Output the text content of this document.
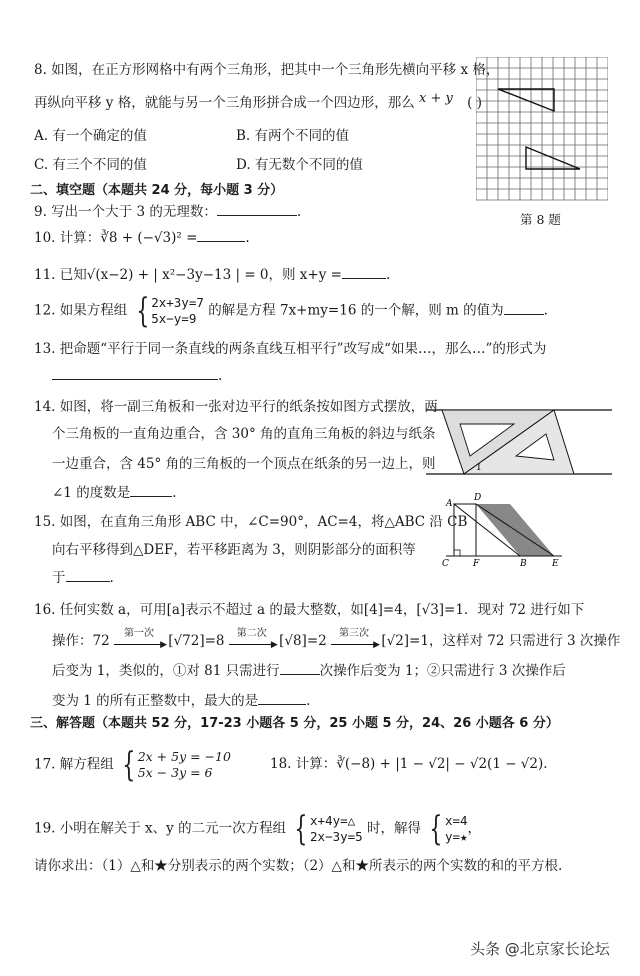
8. 如图，在正方形网格中有两个三角形，把其中一个三角形先横向平移 x 格，
再纵向平移 y 格，就能与另一个三角形拼合成一个四边形，那么 x + y ( )
A. 有一个确定的值	B. 有两个不同的值
C. 有三个不同的值	D. 有无数个不同的值
第 8 题
二、填空题（本题共 24 分，每小题 3 分）
9. 写出一个大于 3 的无理数：	.
10. 计算：∛8 + (−√3)² =	.
11. 已知√(x−2) + | x²−3y−13 | = 0，则 x+y =	.
12. 如果方程组 { 2x+3y=7
5x−y=9 的解是方程 7x+my=16 的一个解，则 m 的值为	.
13. 把命题“平行于同一条直线的两条直线互相平行”改写成“如果…，那么…”的形式为
.
14. 如图，将一副三角板和一张对边平行的纸条按如图方式摆放，两
个三角板的一直角边重合，含 30° 角的直角三角板的斜边与纸条
一边重合，含 45° 角的三角板的一个顶点在纸条的另一边上，则
∠1 的度数是	.
1
15. 如图，在直角三角形 ABC 中，∠C=90°，AC=4，将△ABC 沿 CB
向右平移得到△DEF，若平移距离为 3，则阴影部分的面积等
于	.
A
D
C	F	B	E
16. 任何实数 a，可用[a]表示不超过 a 的最大整数，如[4]=4，[√3]=1．现对 72 进行如下
操作：72	第一次
▶ [√72]=8	第二次
▶ [√8]=2	第三次
▶ [√2]=1，这样对 72 只需进行 3 次操作
后变为 1，类似的，①对 81 只需进行	次操作后变为 1；②只需进行 3 次操作后
变为 1 的所有正整数中，最大的是	.
三、解答题（本题共 52 分，17-23 小题各 5 分，25 小题 5 分，24、26 小题各 6 分）
17. 解方程组 { 2x + 5y = −10
5x − 3y = 6
18. 计算：∛(−8) + |1 − √2| − √2(1 − √2).
19. 小明在解关于 x、y 的二元一次方程组 { x+4y=△
2x−3y=5 时，解得 { x=4
y=★ ，
请你求出：（1）△和★分别表示的两个实数；（2）△和★所表示的两个实数的和的平方根.
头条 @北京家长论坛
